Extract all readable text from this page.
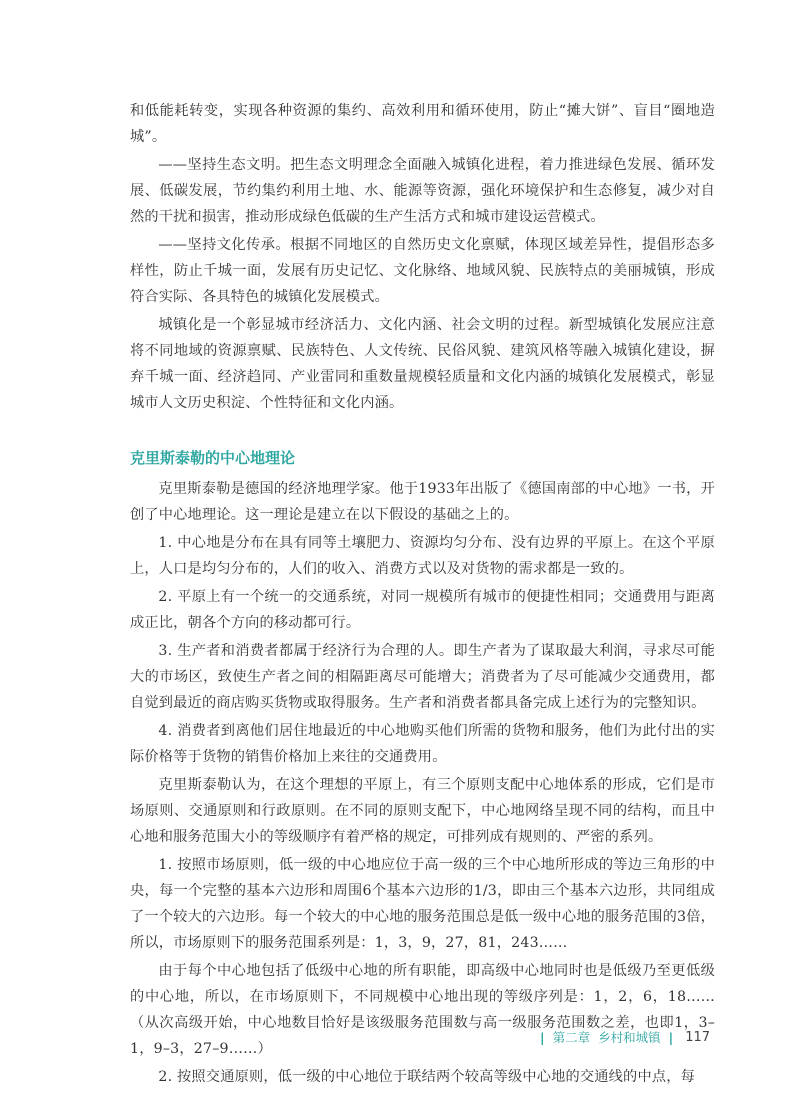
和低能耗转变，实现各种资源的集约、高效利用和循环使用，防止“摊大饼”、盲目“圈地造城”。

——坚持生态文明。把生态文明理念全面融入城镇化进程，着力推进绿色发展、循环发展、低碳发展，节约集约利用土地、水、能源等资源，强化环境保护和生态修复，减少对自然的干扰和损害，推动形成绿色低碳的生产生活方式和城市建设运营模式。

——坚持文化传承。根据不同地区的自然历史文化禀赋，体现区域差异性，提倡形态多样性，防止千城一面，发展有历史记忆、文化脉络、地域风貌、民族特点的美丽城镇，形成符合实际、各具特色的城镇化发展模式。

城镇化是一个彰显城市经济活力、文化内涵、社会文明的过程。新型城镇化发展应注意将不同地域的资源禀赋、民族特色、人文传统、民俗风貌、建筑风格等融入城镇化建设，摒弃千城一面、经济趋同、产业雷同和重数量规模轻质量和文化内涵的城镇化发展模式，彰显城市人文历史积淀、个性特征和文化内涵。

克里斯泰勒的中心地理论

克里斯泰勒是德国的经济地理学家。他于1933年出版了《德国南部的中心地》一书，开创了中心地理论。这一理论是建立在以下假设的基础之上的。

1. 中心地是分布在具有同等土壤肥力、资源均匀分布、没有边界的平原上。在这个平原上，人口是均匀分布的，人们的收入、消费方式以及对货物的需求都是一致的。

2. 平原上有一个统一的交通系统，对同一规模所有城市的便捷性相同；交通费用与距离成正比，朝各个方向的移动都可行。

3. 生产者和消费者都属于经济行为合理的人。即生产者为了谋取最大利润，寻求尽可能大的市场区，致使生产者之间的相隔距离尽可能增大；消费者为了尽可能减少交通费用，都自觉到最近的商店购买货物或取得服务。生产者和消费者都具备完成上述行为的完整知识。

4. 消费者到离他们居住地最近的中心地购买他们所需的货物和服务，他们为此付出的实际价格等于货物的销售价格加上来往的交通费用。

克里斯泰勒认为，在这个理想的平原上，有三个原则支配中心地体系的形成，它们是市场原则、交通原则和行政原则。在不同的原则支配下，中心地网络呈现不同的结构，而且中心地和服务范围大小的等级顺序有着严格的规定，可排列成有规则的、严密的系列。

1. 按照市场原则，低一级的中心地应位于高一级的三个中心地所形成的等边三角形的中央，每一个完整的基本六边形和周围6个基本六边形的1/3，即由三个基本六边形，共同组成了一个较大的六边形。每一个较大的中心地的服务范围总是低一级中心地的服务范围的3倍，所以，市场原则下的服务范围系列是：1，3，9，27，81，243……

由于每个中心地包括了低级中心地的所有职能，即高级中心地同时也是低级乃至更低级的中心地，所以，在市场原则下，不同规模中心地出现的等级序列是：1，2，6，18……（从次高级开始，中心地数目恰好是该级服务范围数与高一级服务范围数之差，也即1，3–1，9–3，27–9……）

2. 按照交通原则，低一级的中心地位于联结两个较高等级中心地的交通线的中点，每

| 第二章 乡村和城镇 | 117
